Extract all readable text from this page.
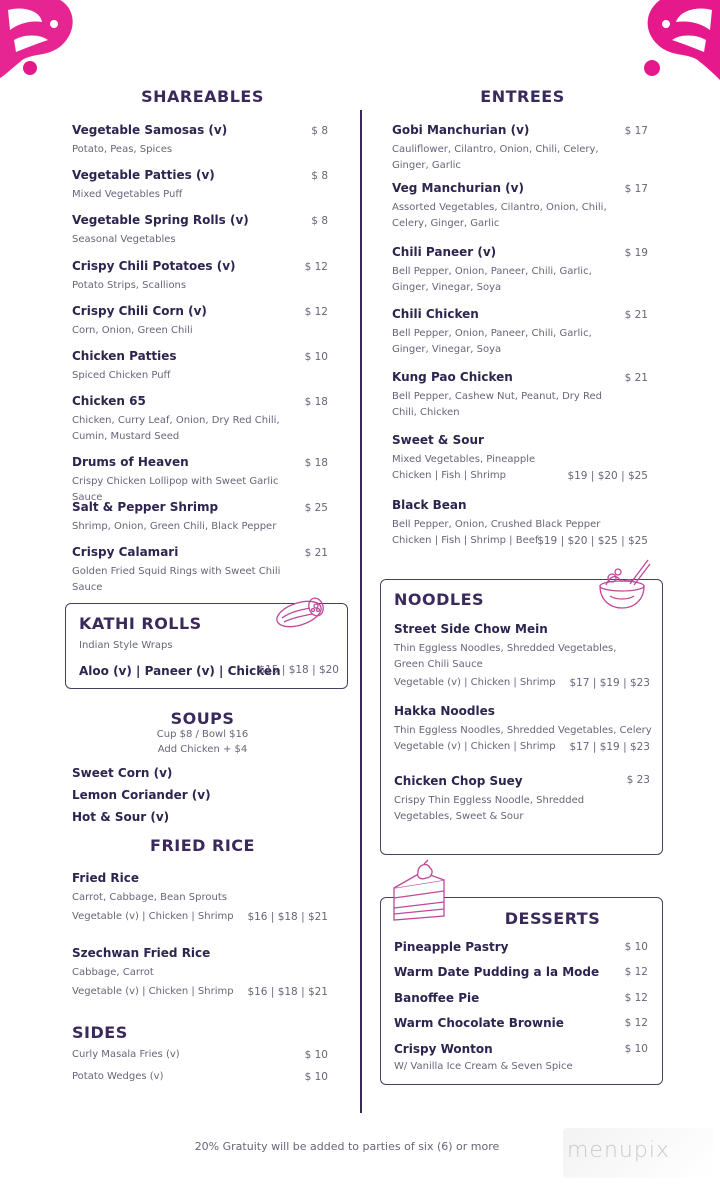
SHAREABLES
Vegetable Samosas (v)	$ 8
Potato, Peas, Spices
Vegetable Patties (v)	$ 8
Mixed Vegetables Puff
Vegetable Spring Rolls (v)	$ 8
Seasonal Vegetables
Crispy Chili Potatoes (v)	$ 12
Potato Strips, Scallions
Crispy Chili Corn (v)	$ 12
Corn, Onion, Green Chili
Chicken Patties	$ 10
Spiced Chicken Puff
Chicken 65	$ 18
Chicken, Curry Leaf, Onion, Dry Red Chili, Cumin, Mustard Seed
Drums of Heaven	$ 18
Crispy Chicken Lollipop with Sweet Garlic Sauce
Salt & Pepper Shrimp	$ 25
Shrimp, Onion, Green Chili, Black Pepper
Crispy Calamari	$ 21
Golden Fried Squid Rings with Sweet Chili Sauce
KATHI ROLLS
Indian Style Wraps
Aloo (v) | Paneer (v) | Chicken
$15 | $18 | $20
SOUPS
Cup $8 / Bowl $16
Add Chicken + $4
Sweet Corn (v)
Lemon Coriander (v)
Hot & Sour (v)
FRIED RICE
Fried Rice
Carrot, Cabbage, Bean Sprouts
Vegetable (v) | Chicken | Shrimp $16 | $18 | $21
Szechwan Fried Rice
Cabbage, Carrot
Vegetable (v) | Chicken | Shrimp $16 | $18 | $21
SIDES
Curly Masala Fries (v)	$ 10
Potato Wedges (v)	$ 10
ENTREES
Gobi Manchurian (v)	$ 17
Cauliflower, Cilantro, Onion, Chili, Celery, Ginger, Garlic
Veg Manchurian (v)	$ 17
Assorted Vegetables, Cilantro, Onion, Chili, Celery, Ginger, Garlic
Chili Paneer (v)	$ 19
Bell Pepper, Onion, Paneer, Chili, Garlic, Ginger, Vinegar, Soya
Chili Chicken	$ 21
Bell Pepper, Onion, Paneer, Chili, Garlic, Ginger, Vinegar, Soya
Kung Pao Chicken	$ 21
Bell Pepper, Cashew Nut, Peanut, Dry Red Chili, Chicken
Sweet & Sour
Mixed Vegetables, Pineapple
Chicken | Fish | Shrimp	$19 | $20 | $25
Black Bean
Bell Pepper, Onion, Crushed Black Pepper
Chicken | Fish | Shrimp | Beef
$19 | $20 | $25 | $25
NOODLES
Street Side Chow Mein
Thin Eggless Noodles, Shredded Vegetables, Green Chili Sauce
Vegetable (v) | Chicken | Shrimp $17 | $19 | $23
Hakka Noodles
Thin Eggless Noodles, Shredded Vegetables, Celery
Vegetable (v) | Chicken | Shrimp $17 | $19 | $23
Chicken Chop Suey	$ 23
Crispy Thin Eggless Noodle, Shredded Vegetables, Sweet & Sour
DESSERTS
Pineapple Pastry	$ 10
Warm Date Pudding a la Mode $ 12
Banoffee Pie	$ 12
Warm Chocolate Brownie	$ 12
Crispy Wonton	$ 10
W/ Vanilla Ice Cream & Seven Spice
20% Gratuity will be added to parties of six (6) or more	menupix
